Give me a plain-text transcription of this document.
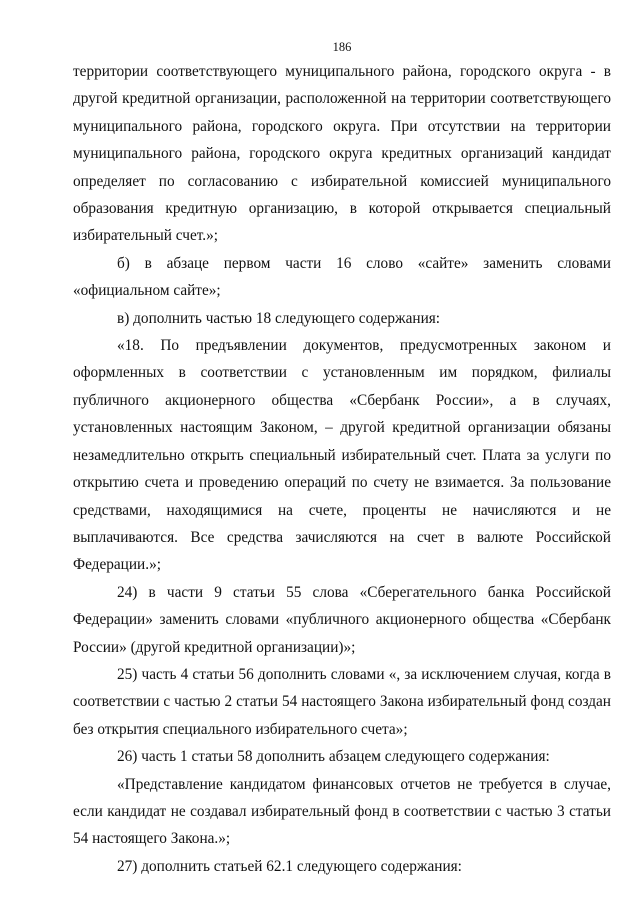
186

территории соответствующего муниципального района, городского округа - в другой кредитной организации, расположенной на территории соответствующего муниципального района, городского округа. При отсутствии на территории муниципального района, городского округа кредитных организаций кандидат определяет по согласованию с избирательной комиссией муниципального образования кредитную организацию, в которой открывается специальный избирательный счет.»;

б) в абзаце первом части 16 слово «сайте» заменить словами «официальном сайте»;

в) дополнить частью 18 следующего содержания:

«18. По предъявлении документов, предусмотренных законом и оформленных в соответствии с установленным им порядком, филиалы публичного акционерного общества «Сбербанк России», а в случаях, установленных настоящим Законом, – другой кредитной организации обязаны незамедлительно открыть специальный избирательный счет. Плата за услуги по открытию счета и проведению операций по счету не взимается. За пользование средствами, находящимися на счете, проценты не начисляются и не выплачиваются. Все средства зачисляются на счет в валюте Российской Федерации.»;

24) в части 9 статьи 55 слова «Сберегательного банка Российской Федерации» заменить словами «публичного акционерного общества «Сбербанк России» (другой кредитной организации)»;

25) часть 4 статьи 56 дополнить словами «, за исключением случая, когда в соответствии с частью 2 статьи 54 настоящего Закона избирательный фонд создан без открытия специального избирательного счета»;

26) часть 1 статьи 58 дополнить абзацем следующего содержания:

«Представление кандидатом финансовых отчетов не требуется в случае, если кандидат не создавал избирательный фонд в соответствии с частью 3 статьи 54 настоящего Закона.»;

27) дополнить статьей 62.1 следующего содержания:
